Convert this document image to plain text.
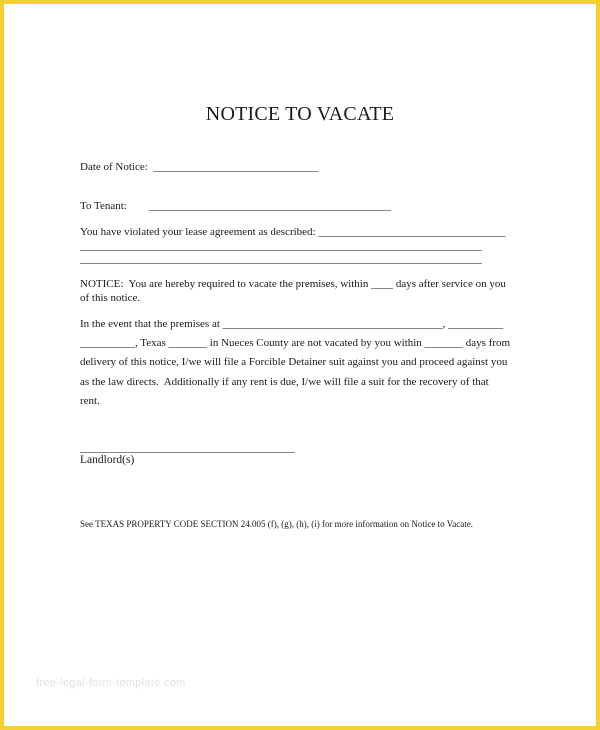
NOTICE TO VACATE

Date of Notice:  ______________________________

To Tenant:        ____________________________________________

You have violated your lease agreement as described: __________________________________

______________________________________________________________________________

______________________________________________________________________________

NOTICE:  You are hereby required to vacate the premises, within ____ days after service on you

of this notice.

In the event that the premises at ________________________________________, __________

__________, Texas _______ in Nueces County are not vacated by you within _______ days from

delivery of this notice, I/we will file a Forcible Detainer suit against you and proceed against you

as the law directs.  Additionally if any rent is due, I/we will file a suit for the recovery of that

rent.

_______________________________________

Landlord(s)

See TEXAS PROPERTY CODE SECTION 24.005 (f), (g), (h), (i) for more information on Notice to Vacate.

free-legal-form-template.com
